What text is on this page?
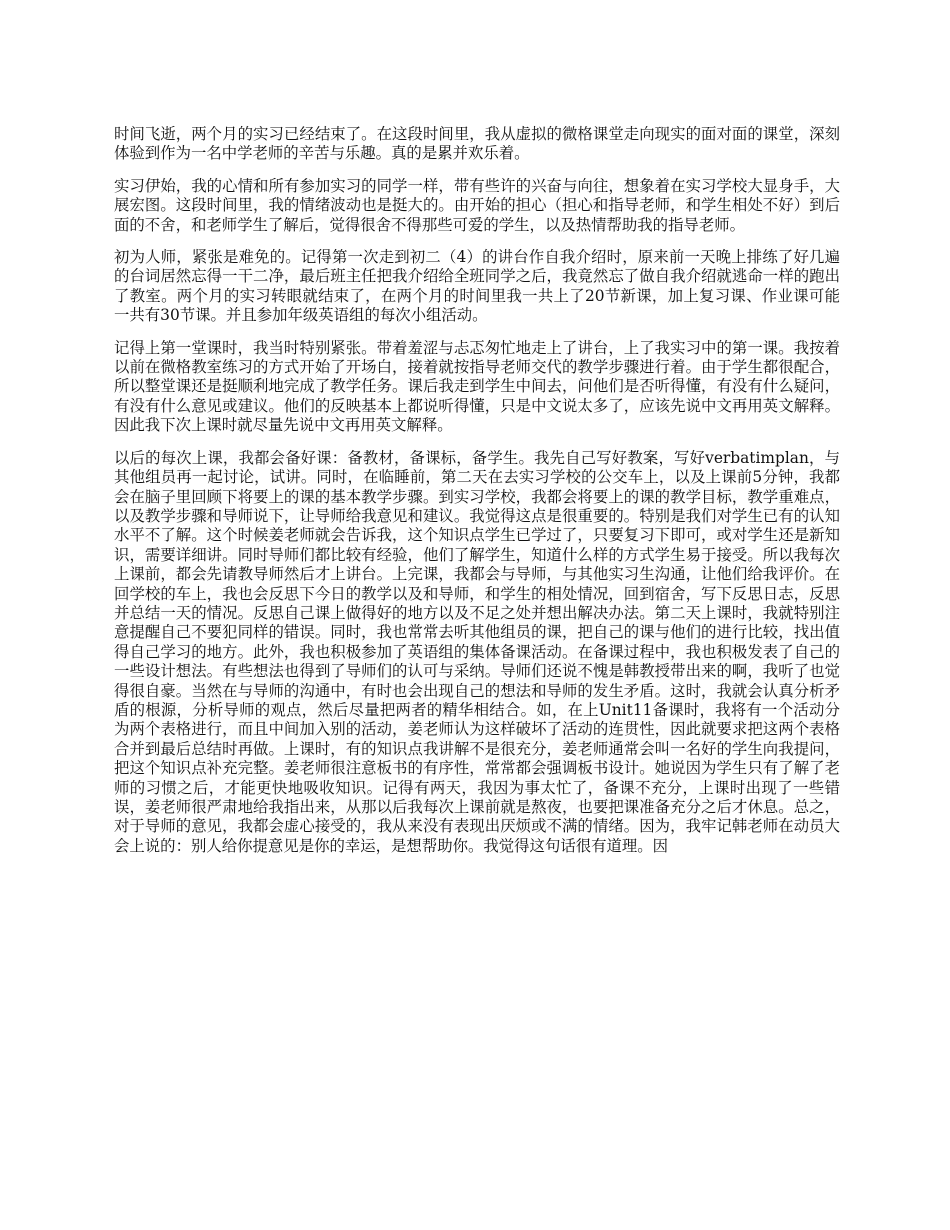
时间飞逝，两个月的实习已经结束了。在这段时间里，我从虚拟的微格课堂走向现实的面对面的课堂，深刻体验到作为一名中学老师的辛苦与乐趣。真的是累并欢乐着。

实习伊始，我的心情和所有参加实习的同学一样，带有些许的兴奋与向往，想象着在实习学校大显身手，大展宏图。这段时间里，我的情绪波动也是挺大的。由开始的担心（担心和指导老师，和学生相处不好）到后面的不舍，和老师学生了解后，觉得很舍不得那些可爱的学生，以及热情帮助我的指导老师。

初为人师，紧张是难免的。记得第一次走到初二（4）的讲台作自我介绍时，原来前一天晚上排练了好几遍的台词居然忘得一干二净，最后班主任把我介绍给全班同学之后，我竟然忘了做自我介绍就逃命一样的跑出了教室。两个月的实习转眼就结束了，在两个月的时间里我一共上了20节新课，加上复习课、作业课可能一共有30节课。并且参加年级英语组的每次小组活动。

记得上第一堂课时，我当时特别紧张。带着羞涩与忐忑匆忙地走上了讲台，上了我实习中的第一课。我按着以前在微格教室练习的方式开始了开场白，接着就按指导老师交代的教学步骤进行着。由于学生都很配合，所以整堂课还是挺顺利地完成了教学任务。课后我走到学生中间去，问他们是否听得懂，有没有什么疑问，有没有什么意见或建议。他们的反映基本上都说听得懂，只是中文说太多了，应该先说中文再用英文解释。因此我下次上课时就尽量先说中文再用英文解释。

以后的每次上课，我都会备好课：备教材，备课标，备学生。我先自己写好教案，写好verbatimplan，与其他组员再一起讨论，试讲。同时，在临睡前，第二天在去实习学校的公交车上，以及上课前5分钟，我都会在脑子里回顾下将要上的课的基本教学步骤。到实习学校，我都会将要上的课的教学目标，教学重难点，以及教学步骤和导师说下，让导师给我意见和建议。我觉得这点是很重要的。特别是我们对学生已有的认知水平不了解。这个时候姜老师就会告诉我，这个知识点学生已学过了，只要复习下即可，或对学生还是新知识，需要详细讲。同时导师们都比较有经验，他们了解学生，知道什么样的方式学生易于接受。所以我每次上课前，都会先请教导师然后才上讲台。上完课，我都会与导师，与其他实习生沟通，让他们给我评价。在回学校的车上，我也会反思下今日的教学以及和导师，和学生的相处情况，回到宿舍，写下反思日志，反思并总结一天的情况。反思自己课上做得好的地方以及不足之处并想出解决办法。第二天上课时，我就特别注意提醒自己不要犯同样的错误。同时，我也常常去听其他组员的课，把自己的课与他们的进行比较，找出值得自己学习的地方。此外，我也积极参加了英语组的集体备课活动。在备课过程中，我也积极发表了自己的一些设计想法。有些想法也得到了导师们的认可与采纳。导师们还说不愧是韩教授带出来的啊，我听了也觉得很自豪。当然在与导师的沟通中，有时也会出现自己的想法和导师的发生矛盾。这时，我就会认真分析矛盾的根源，分析导师的观点，然后尽量把两者的精华相结合。如，在上Unit11备课时，我将有一个活动分为两个表格进行，而且中间加入别的活动，姜老师认为这样破坏了活动的连贯性，因此就要求把这两个表格合并到最后总结时再做。上课时，有的知识点我讲解不是很充分，姜老师通常会叫一名好的学生向我提问，把这个知识点补充完整。姜老师很注意板书的有序性，常常都会强调板书设计。她说因为学生只有了解了老师的习惯之后，才能更快地吸收知识。记得有两天，我因为事太忙了，备课不充分，上课时出现了一些错误，姜老师很严肃地给我指出来，从那以后我每次上课前就是熬夜，也要把课准备充分之后才休息。总之，对于导师的意见，我都会虚心接受的，我从来没有表现出厌烦或不满的情绪。因为，我牢记韩老师在动员大会上说的：别人给你提意见是你的幸运，是想帮助你。我觉得这句话很有道理。因
